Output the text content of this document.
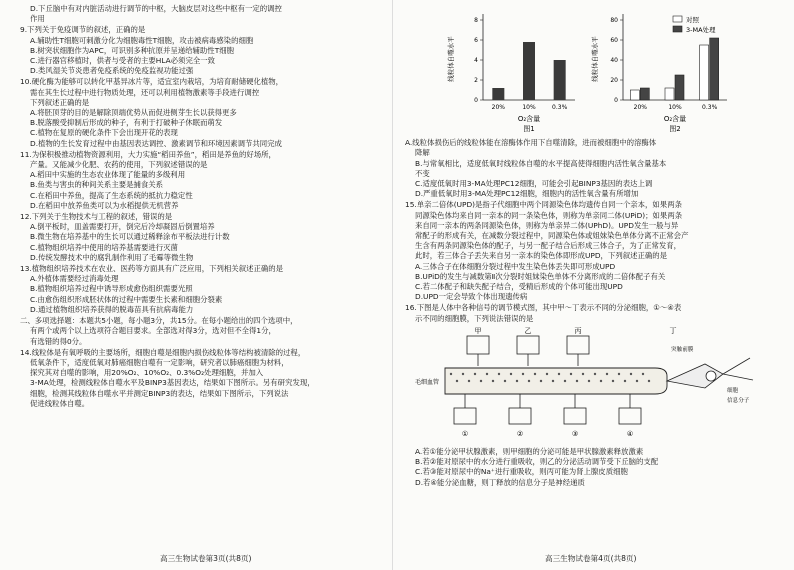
D.下丘脑中有对内脏活动进行调节的中枢，大脑皮层对这些中枢有一定的调控

作用

9.下列关于免疫调节的叙述，正确的是

A.辅助性T细胞可刺激分化为细胞毒性T细胞，攻击被病毒感染的细胞

B.树突状细胞作为APC，可识别多种抗原并呈递给辅助性T细胞

C.进行器官移植时，供者与受者的主要HLA必须完全一致

D.类风湿关节炎患者免疫系统的免疫监视功能过强

10.硬化酶为能够可以转化甲基异冰片等，适宜室内栽培，为培育耐储硬化植物，

需在其生长过程中进行物质处理，还可以利用植物激素等手段进行调控

下列叙述正确的是

A.将胚顶芽的目的是解除顶端优势从而促进侧芽生长以获得更多

B.脱落酸受抑制后形成的种子，有利于打破种子休眠而萌发

C.植物在复原的硬化条件下会出现开花的表现

D.植物的生长发育过程中由基因表达调控、激素调节和环境因素调节共同完成

11.为保积极推动植物资源利用，大力实施“稻田养鱼”，稻田是养鱼的好场所，

产量。又能减少化肥、农药的使用，下列叙述错误的是

A.稻田中实施的生态农业体现了能量的多级利用

B.鱼类与害虫的种间关系主要是捕食关系

C.在稻田中养鱼，提高了生态系统的抵抗力稳定性

D.在稻田中放养鱼类可以为水稻提供无机营养

12.下列关于生物技术与工程的叙述，错误的是

A.倒平板时，皿盖需要打开，倒完后冷却凝固后倒置培养

B.微生物在培养基中的生长可以通过稀释涂布平板法进行计数

C.植物组织培养中使用的培养基需要进行灭菌

D.传统发酵技术中的腐乳制作利用了毛霉等微生物

13.植物组织培养技术在农业、医药等方面具有广泛应用，下列相关叙述正确的是

A.外植体需要经过消毒处理

B.植物组织培养过程中诱导形成愈伤组织需要光照

C.由愈伤组织形成胚状体的过程中需要生长素和细胞分裂素

D.通过植物组织培养获得的脱毒苗具有抗病毒能力

二、多项选择题：本题共5小题，每小题3分，共15分。在每小题给出的四个选项中，

有两个或两个以上选项符合题目要求。全部选对得3分，选对但不全得1分，

有选错的得0分。

14.线粒体是有氧呼吸的主要场所，细胞自噬是细胞内损伤线粒体等结构被清除的过程，

低氧条件下，适度低氧对肺癌细胞自噬有一定影响，研究者以肺癌细胞为材料，

探究其对自噬的影响，用20%O₂、10%O₂、0.3%O₂处理细胞，并加入

3-MA处理，检测线粒体自噬水平及BINP3基因表达，结果如下图所示。另有研究发现，

细胞，检测其线粒体自噬水平并测定BINP3的表达，结果如下图所示，下列说法

促进线粒体自噬。

0
2
4
6
8
20%	10%	0.3%
线粒体自噬水平
O₂含量
图1
0
20
40
60
80
20%	10%	0.3%
对照
3-MA处理
线粒体自噬水平
O₂含量
图2

A.线粒体损伤后的线粒体能在溶酶体作用下自噬清除，进而被细胞中的溶酶体

降解

B.与常氧相比，适度低氧时线粒体自噬的水平提高使得细胞内活性氧含量基本

不变

C.适度低氧时用3-MA处理PC12细胞，可能会引起BINP3基因的表达上调

D.严重低氧时用3-MA处理PC12细胞，细胞内的活性氧含量有所增加

15.单亲二倍体(UPD)是指子代细胞中两个同源染色体均遗传自同一个亲本，如果两条

同源染色体均来自同一亲本的同一条染色体，则称为单亲同二体(UPiD)；如果两条

来自同一亲本的两条同源染色体，则称为单亲异二体(UPhD)。UPD发生一般与异

常配子的形成有关，在减数分裂过程中，同源染色体或姐妹染色单体分离不正常会产

生含有两条同源染色体的配子，与另一配子结合后形成三体合子，为了正常发育，

此时，若三体合子丢失来自另一亲本的染色体即形成UPD，下列叙述正确的是

A.三体合子在体细胞分裂过程中发生染色体丢失即可形成UPD

B.UPiD的发生与减数第Ⅱ次分裂时姐妹染色单体不分离形成的二倍体配子有关

C.若二体配子和缺失配子结合，受精后形成的个体可能出现UPD

D.UPD一定会导致个体出现遗传病

16.下图是人体中各种信号的调节模式图，其中甲～丁表示不同的分泌细胞，①～④表

示不同的细胞膜，下列说法错误的是

甲	乙	丙	丁
毛细血管
突触前膜
细胞
信息分子
①	②	③	④

A.若①能分泌甲状腺激素，则甲细胞的分泌可能是甲状腺激素释放激素

B.若②能对原尿中的水分进行重吸收，则乙的分泌活动调节受下丘脑的支配

C.若③能对原尿中的Na⁺进行重吸收，则丙可能为肾上腺皮质细胞

D.若④能分泌血糖，则丁释放的信息分子是神经递质

高三生物试卷第3页(共8页)	高三生物试卷第4页(共8页)
